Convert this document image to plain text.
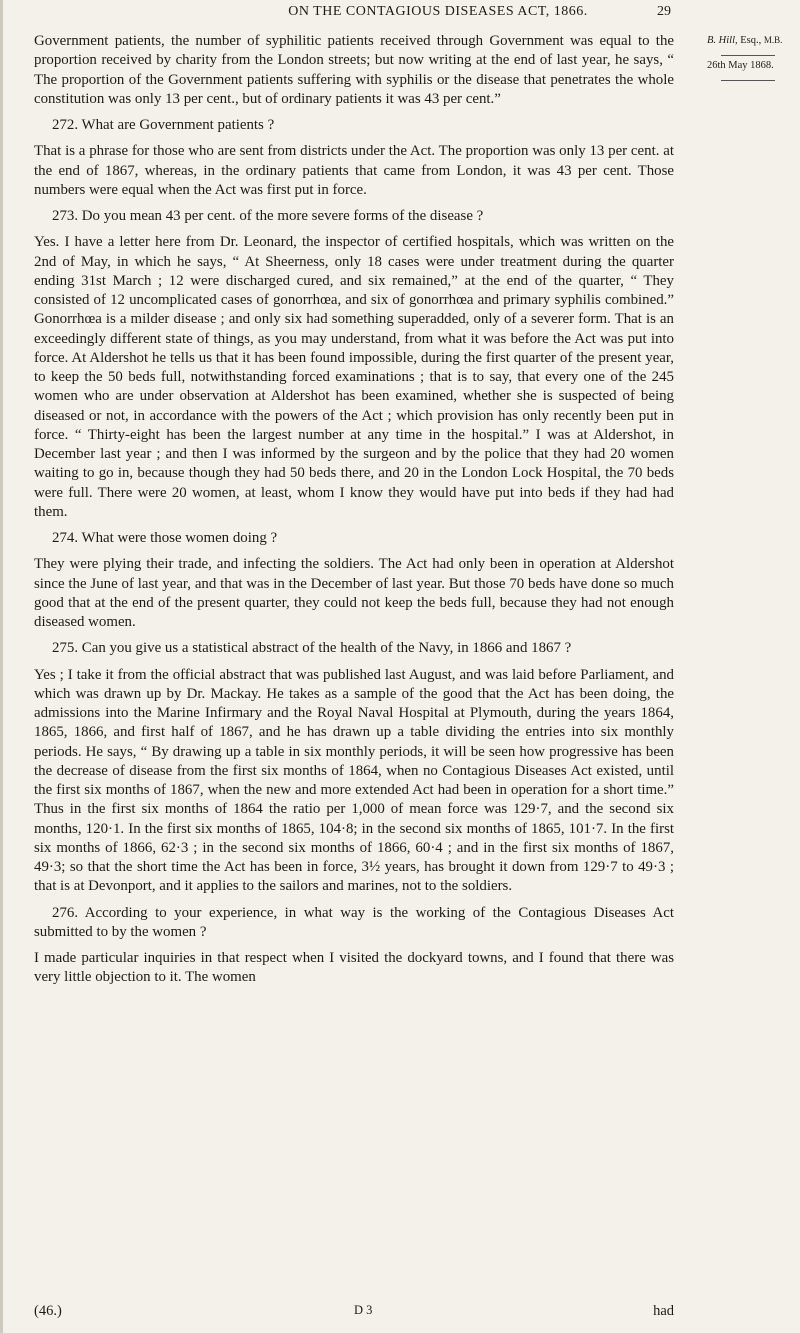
ON THE CONTAGIOUS DISEASES ACT, 1866.	29
B. Hill, Esq., M.B.
26th May 1868.

Government patients, the number of syphilitic patients received through Government was equal to the proportion received by charity from the London streets; but now writing at the end of last year, he says, “ The proportion of the Government patients suffering with syphilis or the disease that penetrates the whole constitution was only 13 per cent., but of ordinary patients it was 43 per cent.”

272. What are Government patients ?

That is a phrase for those who are sent from districts under the Act. The proportion was only 13 per cent. at the end of 1867, whereas, in the ordinary patients that came from London, it was 43 per cent. Those numbers were equal when the Act was first put in force.

273. Do you mean 43 per cent. of the more severe forms of the disease ?

Yes. I have a letter here from Dr. Leonard, the inspector of certified hospitals, which was written on the 2nd of May, in which he says, “ At Sheerness, only 18 cases were under treatment during the quarter ending 31st March ; 12 were discharged cured, and six remained,” at the end of the quarter, “ They consisted of 12 uncomplicated cases of gonorrhœa, and six of gonorrhœa and primary syphilis combined.” Gonorrhœa is a milder disease ; and only six had something superadded, only of a severer form. That is an exceedingly different state of things, as you may understand, from what it was before the Act was put into force. At Aldershot he tells us that it has been found impossible, during the first quarter of the present year, to keep the 50 beds full, notwithstanding forced examinations ; that is to say, that every one of the 245 women who are under observation at Aldershot has been examined, whether she is suspected of being diseased or not, in accordance with the powers of the Act ; which provision has only recently been put in force. “ Thirty-eight has been the largest number at any time in the hospital.” I was at Aldershot, in December last year ; and then I was informed by the surgeon and by the police that they had 20 women waiting to go in, because though they had 50 beds there, and 20 in the London Lock Hospital, the 70 beds were full. There were 20 women, at least, whom I know they would have put into beds if they had had them.

274. What were those women doing ?

They were plying their trade, and infecting the soldiers. The Act had only been in operation at Aldershot since the June of last year, and that was in the December of last year. But those 70 beds have done so much good that at the end of the present quarter, they could not keep the beds full, because they had not enough diseased women.

275. Can you give us a statistical abstract of the health of the Navy, in 1866 and 1867 ?

Yes ; I take it from the official abstract that was published last August, and was laid before Parliament, and which was drawn up by Dr. Mackay. He takes as a sample of the good that the Act has been doing, the admissions into the Marine Infirmary and the Royal Naval Hospital at Plymouth, during the years 1864, 1865, 1866, and first half of 1867, and he has drawn up a table dividing the entries into six monthly periods. He says, “ By drawing up a table in six monthly periods, it will be seen how progressive has been the decrease of disease from the first six months of 1864, when no Contagious Diseases Act existed, until the first six months of 1867, when the new and more extended Act had been in operation for a short time.” Thus in the first six months of 1864 the ratio per 1,000 of mean force was 129·7, and the second six months, 120·1. In the first six months of 1865, 104·8; in the second six months of 1865, 101·7. In the first six months of 1866, 62·3 ; in the second six months of 1866, 60·4 ; and in the first six months of 1867, 49·3; so that the short time the Act has been in force, 3½ years, has brought it down from 129·7 to 49·3 ; that is at Devonport, and it applies to the sailors and marines, not to the soldiers.

276. According to your experience, in what way is the working of the Contagious Diseases Act submitted to by the women ?

I made particular inquiries in that respect when I visited the dockyard towns, and I found that there was very little objection to it. The women

(46.)	D 3	had
